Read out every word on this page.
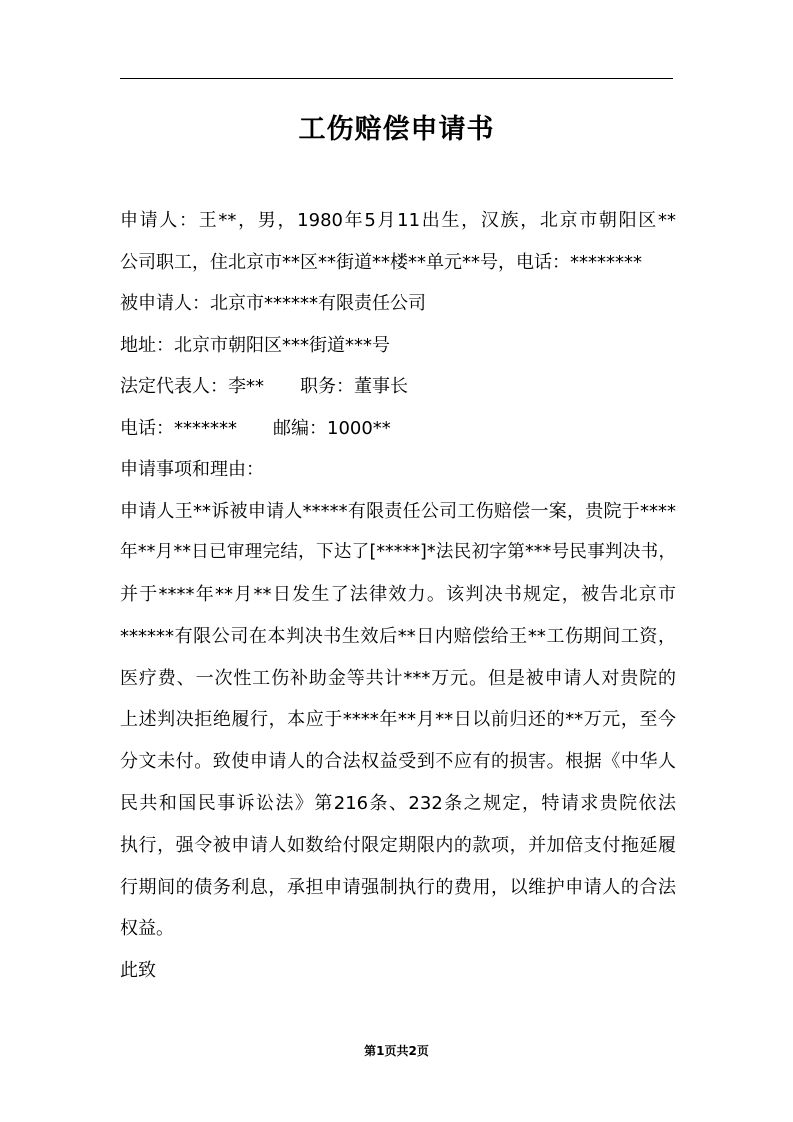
工伤赔偿申请书
申请人：王**，男，1980年5月11出生，汉族，北京市朝阳区**
公司职工，住北京市**区**街道**楼**单元**号，电话：********
被申请人：北京市******有限责任公司
地址：北京市朝阳区***街道***号
法定代表人：李** 职务：董事长
电话：******* 邮编：1000**
申请事项和理由：
申请人王**诉被申请人*****有限责任公司工伤赔偿一案，贵院于****
年**月**日已审理完结，下达了[*****]*法民初字第***号民事判决书，
并于****年**月**日发生了法律效力。该判决书规定，被告北京市
******有限公司在本判决书生效后**日内赔偿给王**工伤期间工资，
医疗费、一次性工伤补助金等共计***万元。但是被申请人对贵院的
上述判决拒绝履行，本应于****年**月**日以前归还的**万元，至今
分文未付。致使申请人的合法权益受到不应有的损害。根据《中华人
民共和国民事诉讼法》第216条、232条之规定，特请求贵院依法
执行，强令被申请人如数给付限定期限内的款项，并加倍支付拖延履
行期间的债务利息，承担申请强制执行的费用，以维护申请人的合法
权益。
此致
第1页共2页
